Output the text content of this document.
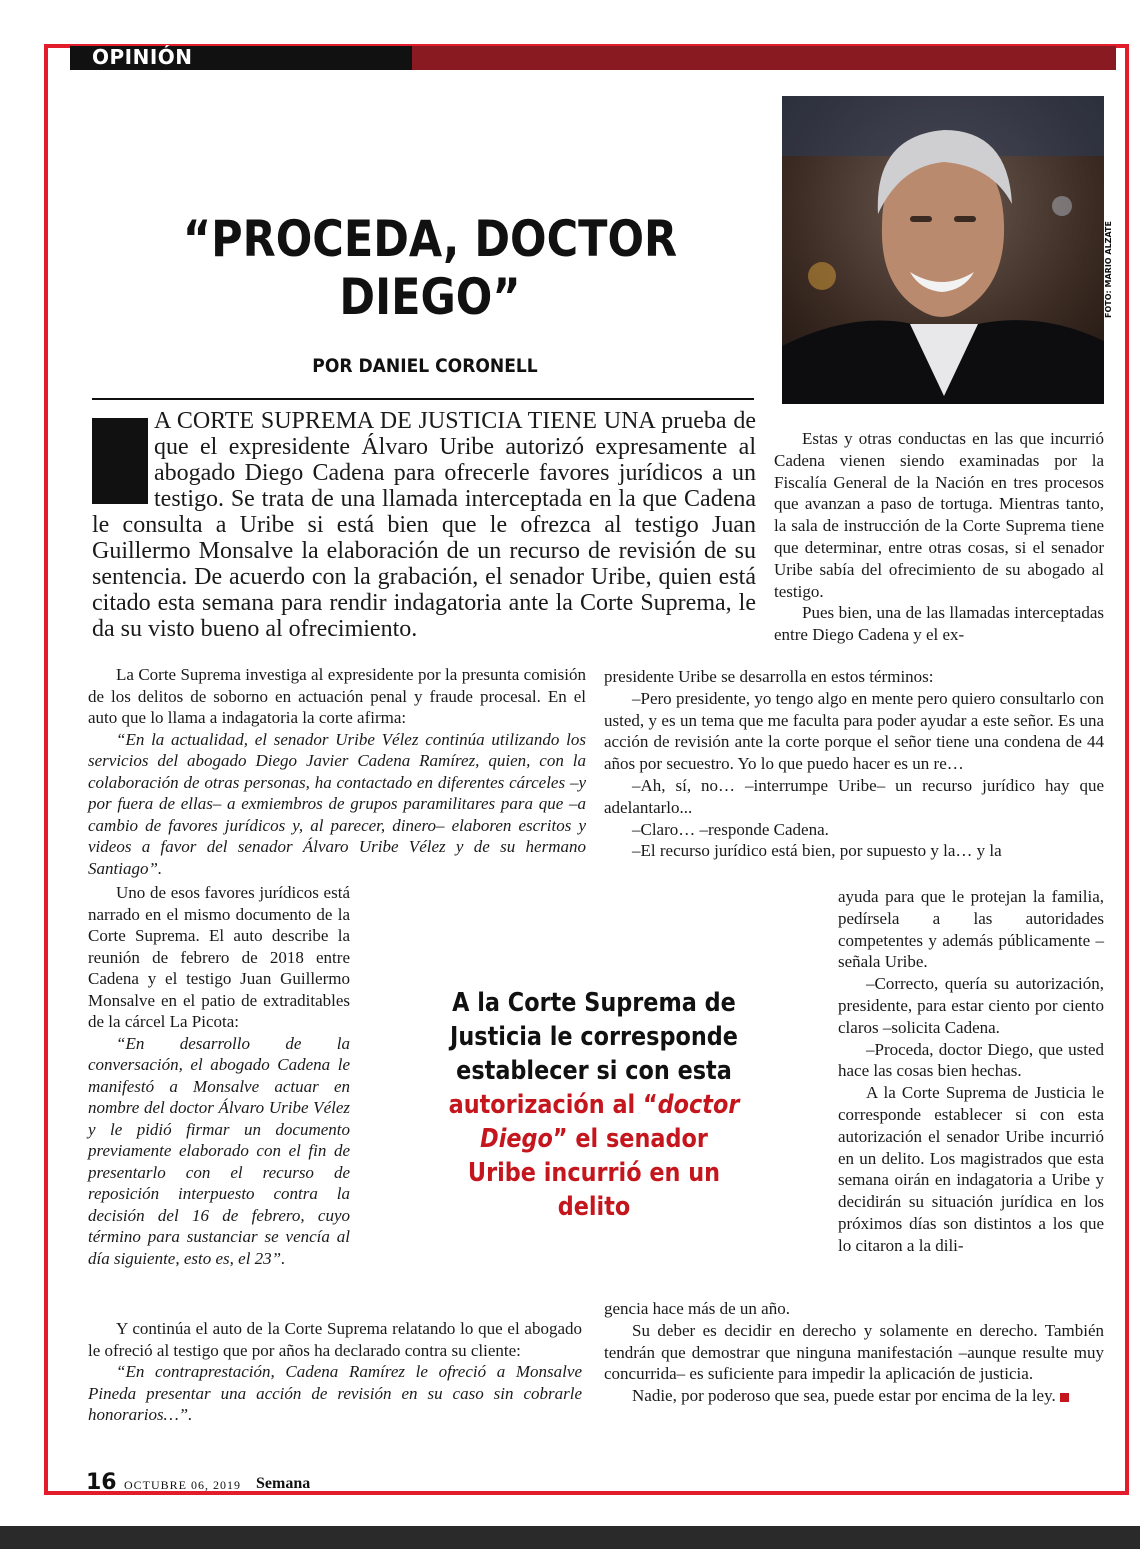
OPINIÓN
“PROCEDA, DOCTOR DIEGO”
POR DANIEL CORONELL
FOTO: MARIO ALZATE
A CORTE SUPREMA DE JUSTICIA TIENE UNA prueba de que el expresidente Álvaro Uribe autorizó expresamente al abogado Diego Cadena para ofrecerle favores jurídicos a un testigo. Se trata de una llamada interceptada en la que Cadena le consulta a Uribe si está bien que le ofrezca al testigo Juan Guillermo Monsalve la elaboración de un recurso de revisión de su sentencia. De acuerdo con la grabación, el senador Uribe, quien está citado esta semana para rendir indagatoria ante la Corte Suprema, le da su visto bueno al ofrecimiento.

La Corte Suprema investiga al expresidente por la presunta comisión de los delitos de soborno en actuación penal y fraude procesal. En el auto que lo llama a indagatoria la corte afirma:

“En la actualidad, el senador Uribe Vélez continúa utilizando los servicios del abogado Diego Javier Cadena Ramírez, quien, con la colaboración de otras personas, ha contactado en diferentes cárceles –y por fuera de ellas– a exmiembros de grupos paramilitares para que –a cambio de favores jurídicos y, al parecer, dinero– elaboren escritos y videos a favor del senador Álvaro Uribe Vélez y de su hermano Santiago”.

Uno de esos favores jurídicos está narrado en el mismo documento de la Corte Suprema. El auto describe la reunión de febrero de 2018 entre Cadena y el testigo Juan Guillermo Monsalve en el patio de extraditables de la cárcel La Picota:

“En desarrollo de la conversación, el abogado Cadena le manifestó a Monsalve actuar en nombre del doctor Álvaro Uribe Vélez y le pidió firmar un documento previamente elaborado con el fin de presentarlo con el recurso de reposición interpuesto contra la decisión del 16 de febrero, cuyo término para sustanciar se vencía al día siguiente, esto es, el 23”.

Y continúa el auto de la Corte Suprema relatando lo que el abogado le ofreció al testigo que por años ha declarado contra su cliente:

“En contraprestación, Cadena Ramírez le ofreció a Monsalve Pineda presentar una acción de revisión en su caso sin cobrarle honorarios…”.

A la Corte Suprema de Justicia le corresponde establecer si con esta autorización al “doctor Diego” el senador Uribe incurrió en un delito

Estas y otras conductas en las que incurrió Cadena vienen siendo examinadas por la Fiscalía General de la Nación en tres procesos que avanzan a paso de tortuga. Mientras tanto, la sala de instrucción de la Corte Suprema tiene que determinar, entre otras cosas, si el senador Uribe sabía del ofrecimiento de su abogado al testigo.

Pues bien, una de las llamadas interceptadas entre Diego Cadena y el ex-

presidente Uribe se desarrolla en estos términos:

–Pero presidente, yo tengo algo en mente pero quiero consultarlo con usted, y es un tema que me faculta para poder ayudar a este señor. Es una acción de revisión ante la corte porque el señor tiene una condena de 44 años por secuestro. Yo lo que puedo hacer es un re…

–Ah, sí, no… –interrumpe Uribe– un recurso jurídico hay que adelantarlo...

–Claro… –responde Cadena.

–El recurso jurídico está bien, por supuesto y la… y la

ayuda para que le protejan la familia, pedírsela a las autoridades competentes y además públicamente –señala Uribe.

–Correcto, quería su autorización, presidente, para estar ciento por ciento claros –solicita Cadena.

–Proceda, doctor Diego, que usted hace las cosas bien hechas.

A la Corte Suprema de Justicia le corresponde establecer si con esta autorización el senador Uribe incurrió en un delito. Los magistrados que esta semana oirán en indagatoria a Uribe y decidirán su situación jurídica en los próximos días son distintos a los que lo citaron a la dili-

gencia hace más de un año.

Su deber es decidir en derecho y solamente en derecho. También tendrán que demostrar que ninguna manifestación –aunque resulte muy concurrida– es suficiente para impedir la aplicación de justicia.

Nadie, por poderoso que sea, puede estar por encima de la ley.

16 OCTUBRE 06, 2019 Semana
